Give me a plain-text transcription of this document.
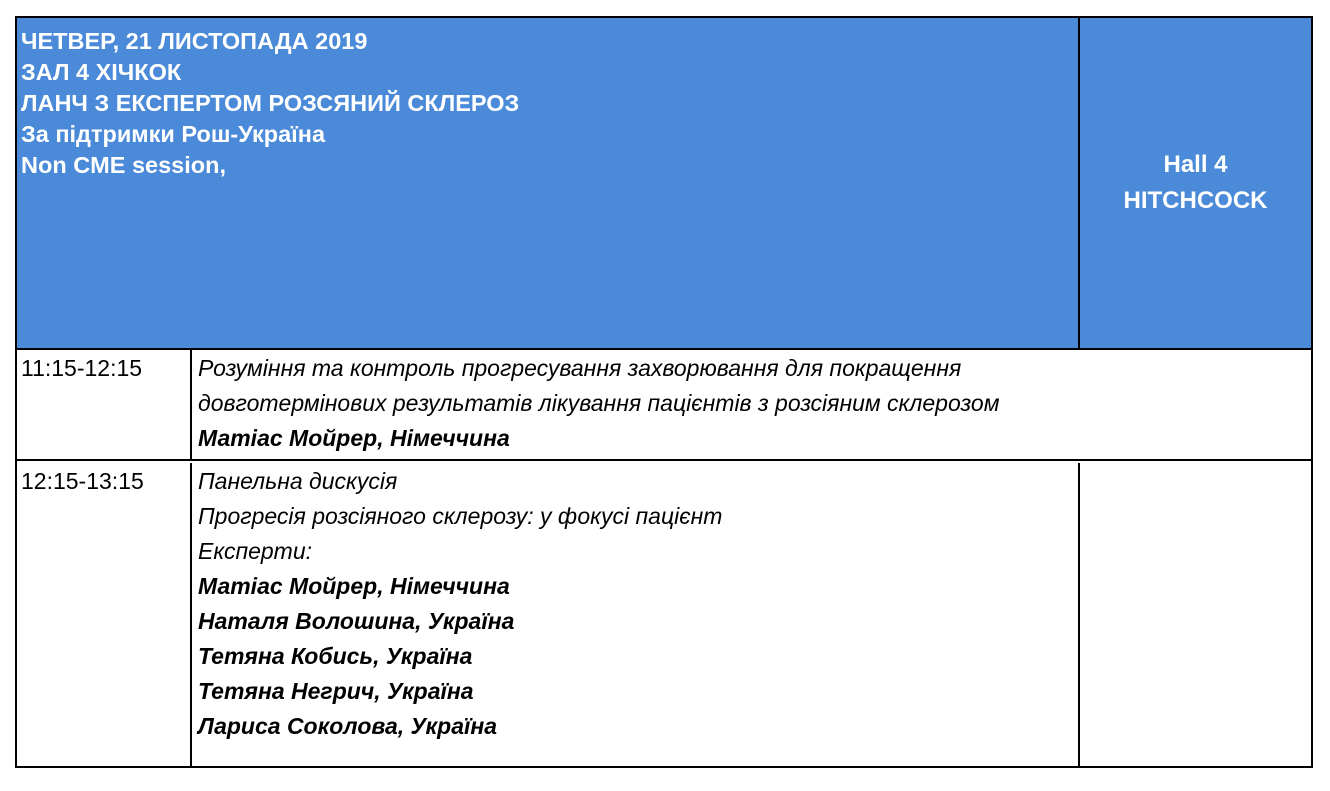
ЧЕТВЕР, 21 ЛИСТОПАДА 2019
ЗАЛ 4 ХІЧКОК
ЛАНЧ З ЕКСПЕРТОМ РОЗСЯНИЙ СКЛЕРОЗ
За підтримки Рош-Україна
Non CME session,	Hall 4
HITCHCOCK
11:15-12:15 Розуміння та контроль прогресування захворювання для покращення
довготермінових результатів лікування пацієнтів з розсіяним склерозом
Матіас Мойрер, Німеччина
12:15-13:15 Панельна дискусія
Прогресія розсіяного склерозу: у фокусі пацієнт
Експерти:
Матіас Мойрер, Німеччина
Наталя Волошина, Україна
Тетяна Кобись, Україна
Тетяна Негрич, Україна
Лариса Соколова, Україна
